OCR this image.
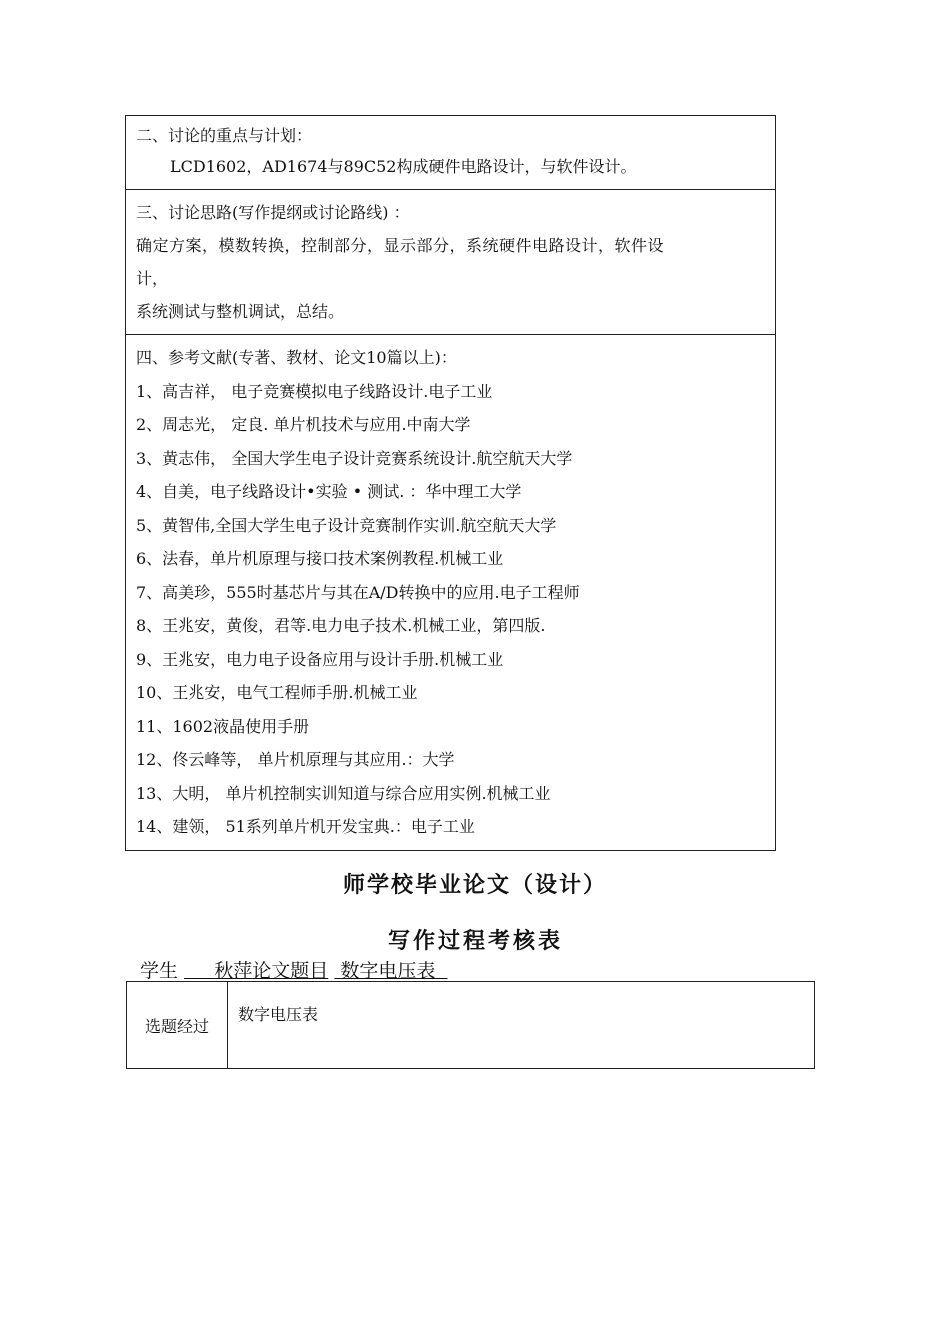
二、讨论的重点与计划：
LCD1602，AD1674与89C52构成硬件电路设计，与软件设计。
三、讨论思路(写作提纲或讨论路线) ：
确定方案，模数转换，控制部分，显示部分，系统硬件电路设计，软件设
计，
系统测试与整机调试，总结。
四、参考文献(专著、教材、论文10篇以上)：
1、高吉祥， 电子竞赛模拟电子线路设计.电子工业
2、周志光， 定良. 单片机技术与应用.中南大学
3、黄志伟， 全国大学生电子设计竞赛系统设计.航空航天大学
4、自美，电子线路设计•实验 • 测试. ：华中理工大学
5、黄智伟,全国大学生电子设计竞赛制作实训.航空航天大学
6、法春，单片机原理与接口技术案例教程.机械工业
7、高美珍，555时基芯片与其在A/D转换中的应用.电子工程师
8、王兆安，黄俊，君等.电力电子技术.机械工业，第四版.
9、王兆安，电力电子设备应用与设计手册.机械工业
10、王兆安，电气工程师手册.机械工业
11、1602液晶使用手册
12、佟云峰等， 单片机原理与其应用.：大学
13、大明， 单片机控制实训知道与综合应用实例.机械工业
14、建领， 51系列单片机开发宝典.：电子工业
师学校毕业论文（设计）
写作过程考核表
学生 秋萍论文题目 数字电压表
选题经过
数字电压表
